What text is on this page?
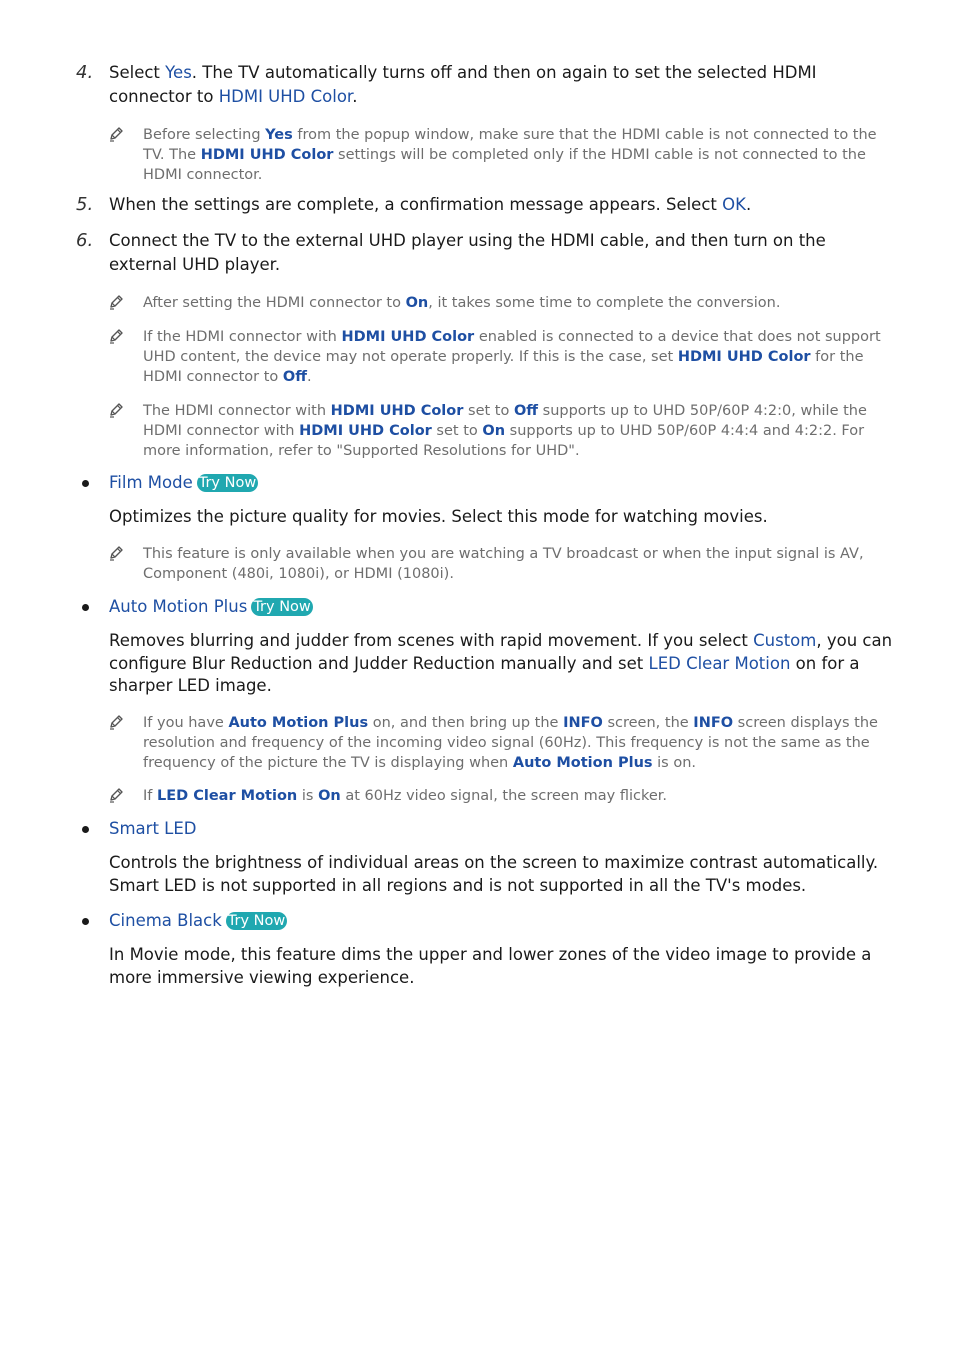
4. Select Yes. The TV automatically turns off and then on again to set the selected HDMI connector to HDMI UHD Color.
Before selecting Yes from the popup window, make sure that the HDMI cable is not connected to the TV. The HDMI UHD Color settings will be completed only if the HDMI cable is not connected to the HDMI connector.
5. When the settings are complete, a confirmation message appears. Select OK.
6. Connect the TV to the external UHD player using the HDMI cable, and then turn on the external UHD player.
After setting the HDMI connector to On, it takes some time to complete the conversion.
If the HDMI connector with HDMI UHD Color enabled is connected to a device that does not support UHD content, the device may not operate properly. If this is the case, set HDMI UHD Color for the HDMI connector to Off.
The HDMI connector with HDMI UHD Color set to Off supports up to UHD 50P/60P 4:2:0, while the HDMI connector with HDMI UHD Color set to On supports up to UHD 50P/60P 4:4:4 and 4:2:2. For more information, refer to "Supported Resolutions for UHD".
Film Mode Try Now
Optimizes the picture quality for movies. Select this mode for watching movies.
This feature is only available when you are watching a TV broadcast or when the input signal is AV, Component (480i, 1080i), or HDMI (1080i).
Auto Motion Plus Try Now
Removes blurring and judder from scenes with rapid movement. If you select Custom, you can configure Blur Reduction and Judder Reduction manually and set LED Clear Motion on for a sharper LED image.
If you have Auto Motion Plus on, and then bring up the INFO screen, the INFO screen displays the resolution and frequency of the incoming video signal (60Hz). This frequency is not the same as the frequency of the picture the TV is displaying when Auto Motion Plus is on.
If LED Clear Motion is On at 60Hz video signal, the screen may flicker.
Smart LED
Controls the brightness of individual areas on the screen to maximize contrast automatically. Smart LED is not supported in all regions and is not supported in all the TV's modes.
Cinema Black Try Now
In Movie mode, this feature dims the upper and lower zones of the video image to provide a more immersive viewing experience.
